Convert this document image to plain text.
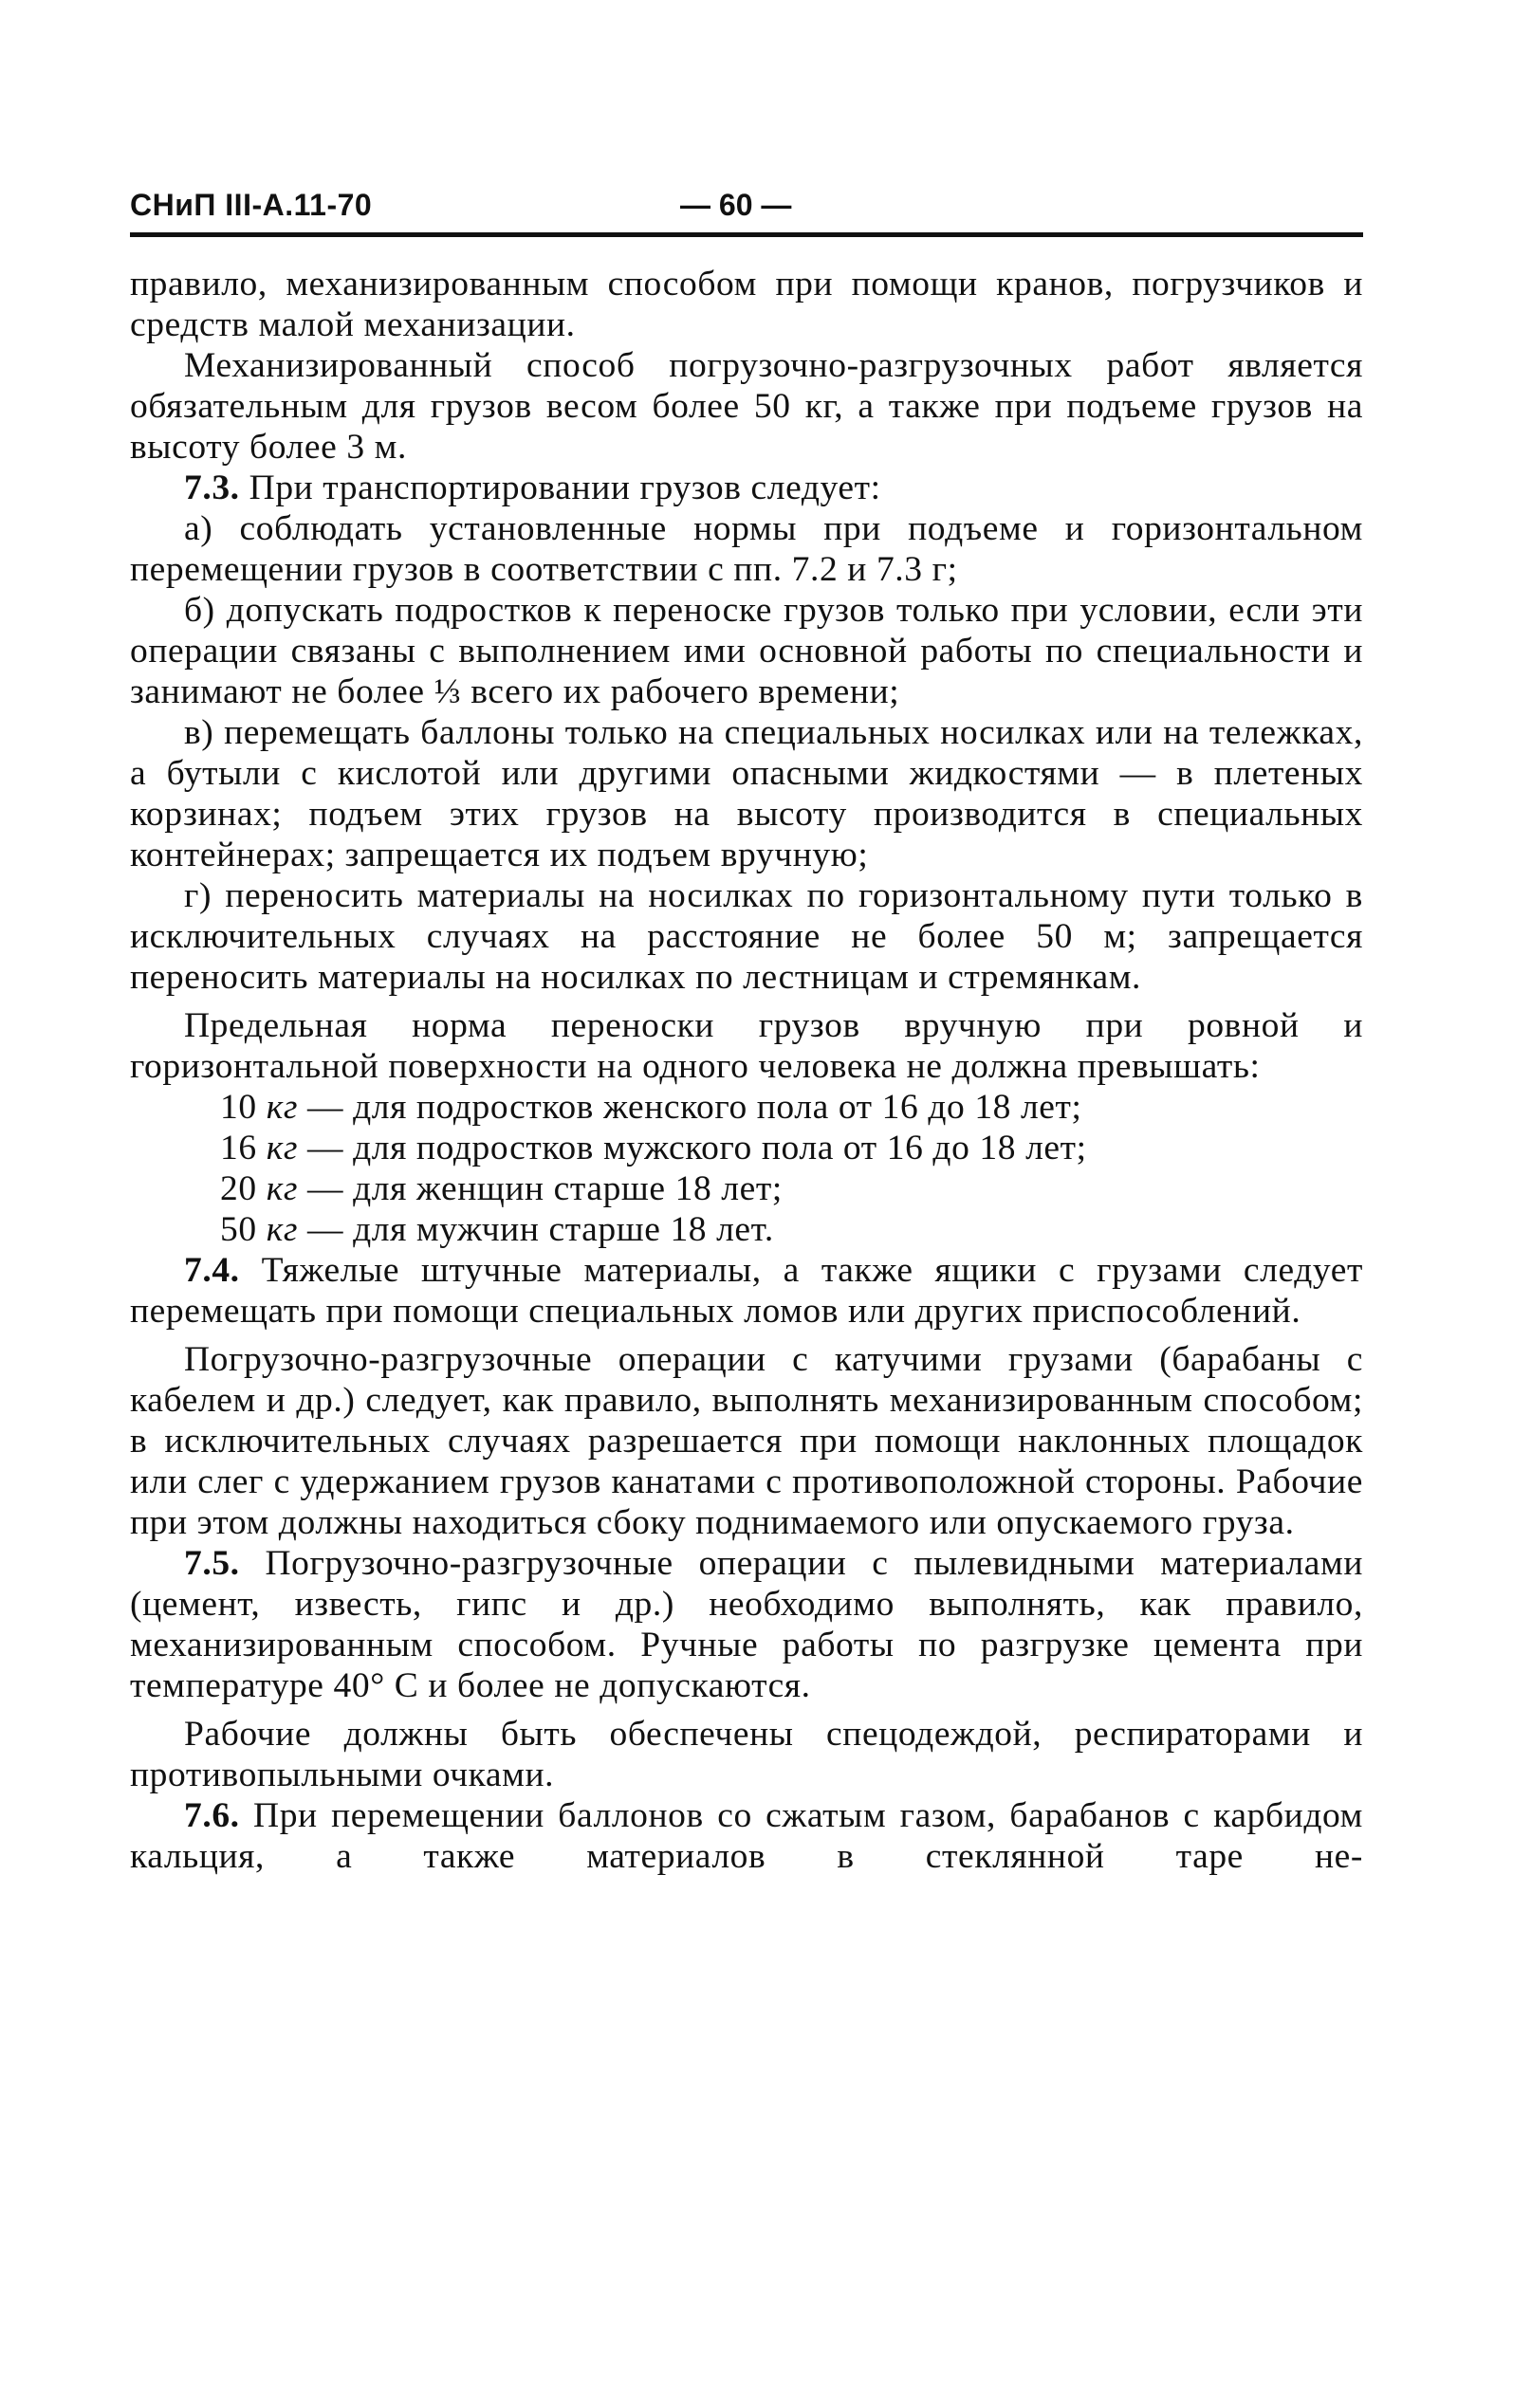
СНиП III-А.11-70	— 60 —

правило, механизированным способом при помощи кранов, погрузчиков и средств малой механизации.

Механизированный способ погрузочно-разгрузочных работ является обязательным для грузов весом более 50 кг, а также при подъеме грузов на высоту более 3 м.

7.3. При транспортировании грузов следует:

а) соблюдать установленные нормы при подъеме и горизонтальном перемещении грузов в соответствии с пп. 7.2 и 7.3 г;

б) допускать подростков к переноске грузов только при условии, если эти операции связаны с выполнением ими основной работы по специальности и занимают не более ⅓ всего их рабочего времени;

в) перемещать баллоны только на специальных носилках или на тележках, а бутыли с кислотой или другими опасными жидкостями — в плетеных корзинах; подъем этих грузов на высоту производится в специальных контейнерах; запрещается их подъем вручную;

г) переносить материалы на носилках по горизонтальному пути только в исключительных случаях на расстояние не более 50 м; запрещается переносить материалы на носилках по лестницам и стремянкам.

Предельная норма переноски грузов вручную при ровной и горизонтальной поверхности на одного человека не должна превышать:

10 кг — для подростков женского пола от 16 до 18 лет;

16 кг — для подростков мужского пола от 16 до 18 лет;

20 кг — для женщин старше 18 лет;

50 кг — для мужчин старше 18 лет.

7.4. Тяжелые штучные материалы, а также ящики с грузами следует перемещать при помощи специальных ломов или других приспособлений.

Погрузочно-разгрузочные операции с катучими грузами (барабаны с кабелем и др.) следует, как правило, выполнять механизированным способом; в исключительных случаях разрешается при помощи наклонных площадок или слег с удержанием грузов канатами с противоположной стороны. Рабочие при этом должны находиться сбоку поднимаемого или опускаемого груза.

7.5. Погрузочно-разгрузочные операции с пылевидными материалами (цемент, известь, гипс и др.) необходимо выполнять, как правило, механизированным способом. Ручные работы по разгрузке цемента при температуре 40° С и более не допускаются.

Рабочие должны быть обеспечены спецодеждой, респираторами и противопыльными очками.

7.6. При перемещении баллонов со сжатым газом, барабанов с карбидом кальция, а также материалов в стеклянной таре не-
